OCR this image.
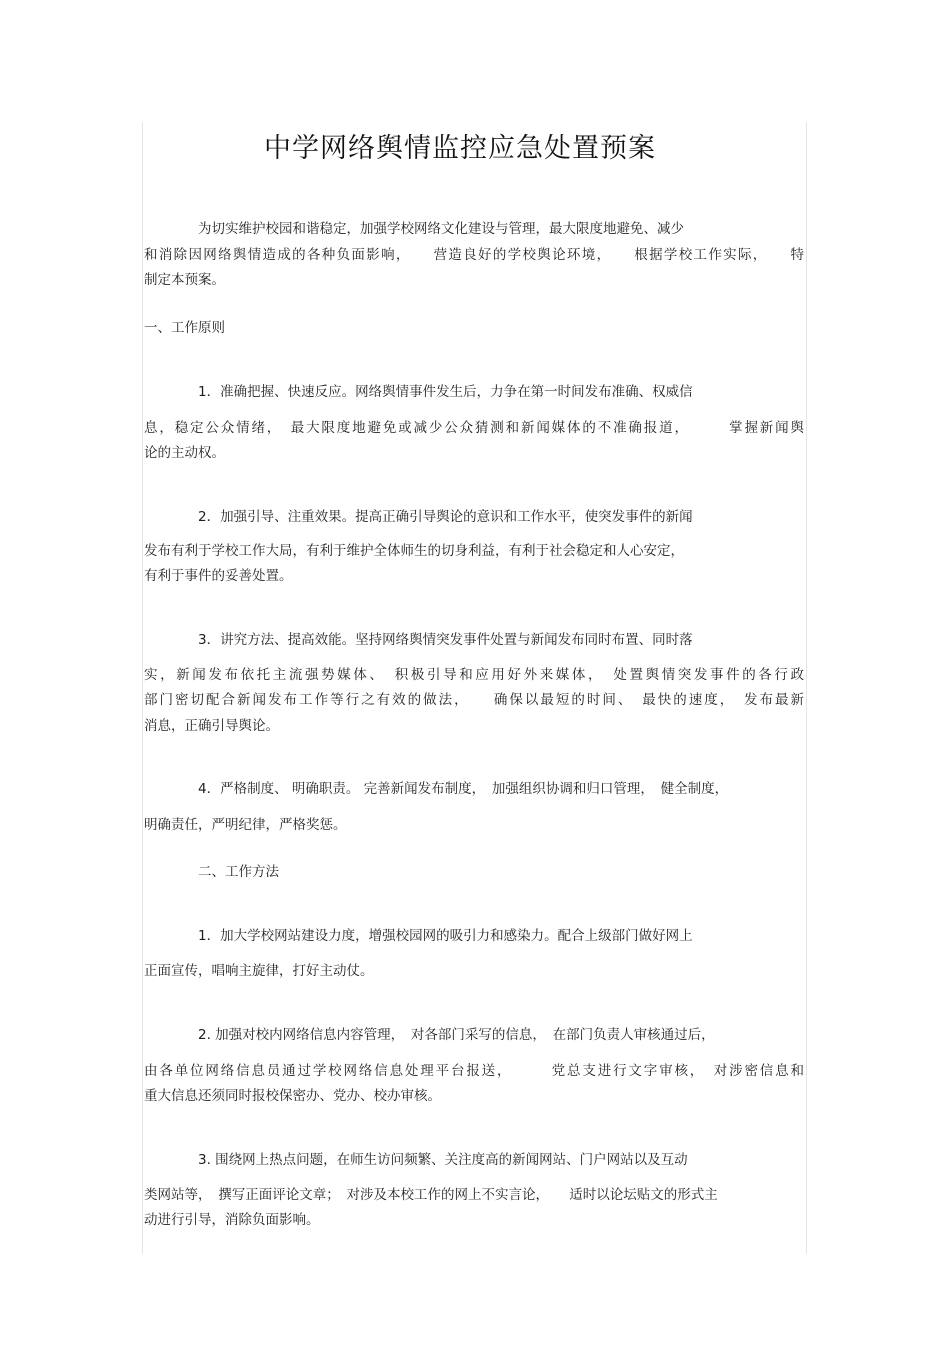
中学网络舆情监控应急处置预案
为切实维护校园和谐稳定，加强学校网络文化建设与管理，最大限度地避免、减少
和消除因网络舆情造成的各种负面影响，　　营造良好的学校舆论环境，　　根据学校工作实际，　　特
制定本预案。
一、工作原则
1．准确把握、快速反应。网络舆情事件发生后，力争在第一时间发布准确、权威信
息，稳定公众情绪，　最大限度地避免或减少公众猜测和新闻媒体的不准确报道，　　　掌握新闻舆
论的主动权。
2．加强引导、注重效果。提高正确引导舆论的意识和工作水平，使突发事件的新闻
发布有利于学校工作大局，有利于维护全体师生的切身利益，有利于社会稳定和人心安定，
有利于事件的妥善处置。
3．讲究方法、提高效能。坚持网络舆情突发事件处置与新闻发布同时布置、同时落
实，新闻发布依托主流强势媒体、　积极引导和应用好外来媒体，　处置舆情突发事件的各行政
部门密切配合新闻发布工作等行之有效的做法，　　确保以最短的时间、　最快的速度，　发布最新
消息，正确引导舆论。
4．严格制度、 明确职责。 完善新闻发布制度，　加强组织协调和归口管理，　健全制度，
明确责任，严明纪律，严格奖惩。
二、工作方法
1．加大学校网站建设力度，增强校园网的吸引力和感染力。配合上级部门做好网上
正面宣传，唱响主旋律，打好主动仗。
2. 加强对校内网络信息内容管理，　对各部门采写的信息，　在部门负责人审核通过后，
由各单位网络信息员通过学校网络信息处理平台报送，　　　党总支进行文字审核，　对涉密信息和
重大信息还须同时报校保密办、党办、校办审核。
3. 围绕网上热点问题，在师生访问频繁、关注度高的新闻网站、门户网站以及互动
类网站等，　撰写正面评论文章；　对涉及本校工作的网上不实言论，　　适时以论坛贴文的形式主
动进行引导，消除负面影响。
